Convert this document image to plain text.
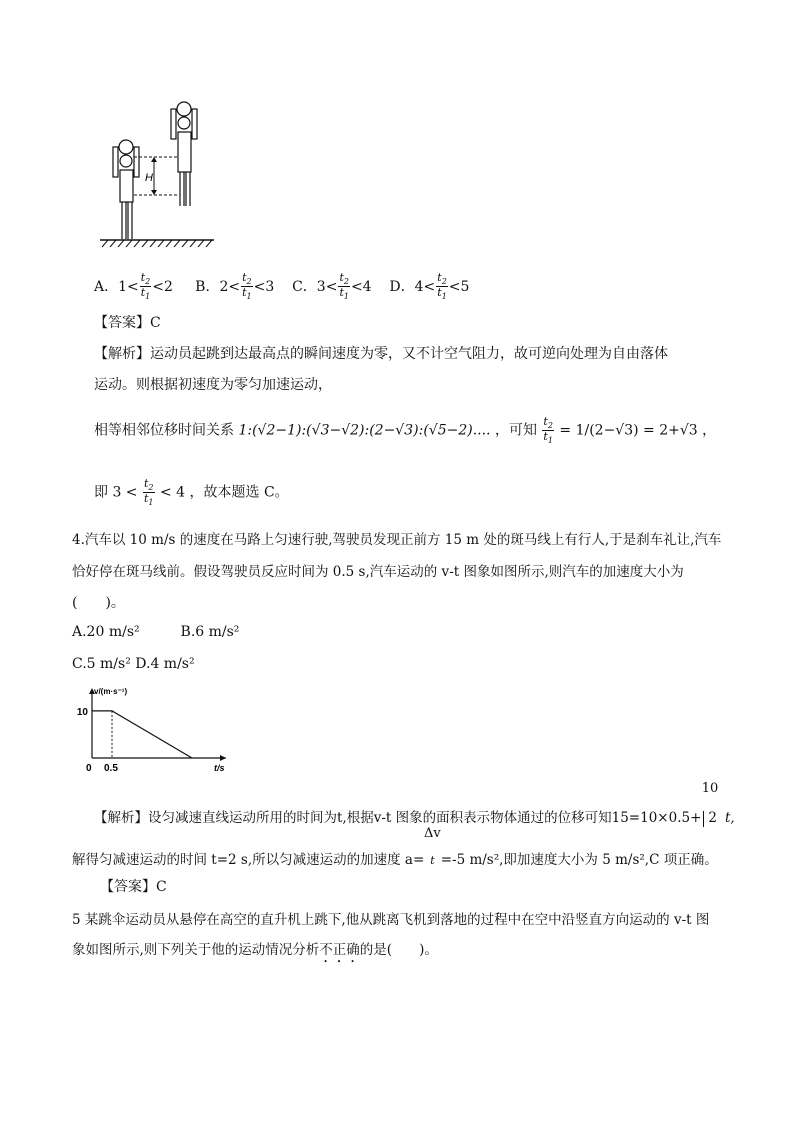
H
A．$1< \frac{t_2}{t_1} <2$ B．$2< \frac{t_2}{t_1} <3$ C．$3< \frac{t_2}{t_1} <4$ D．$4< \frac{t_2}{t_1} <5$
【答案】C
【解析】运动员起跳到达最高点的瞬间速度为零，又不计空气阻力，故可逆向处理为自由落体
运动。则根据初速度为零匀加速运动，
相等相邻位移时间关系 1:(√2−1):(√3−√2):(2−√3):(√5−2).... ，可知 $\frac{t_2}{t_1} = 1/(2-√3) = 2+√3$ ，
即 $3 < \frac{t_2}{t_1} < 4$ ，故本题选 C。
4.汽车以 10 m/s 的速度在马路上匀速行驶,驾驶员发现正前方 15 m 处的斑马线上有行人,于是刹车礼让,汽车
恰好停在斑马线前。假设驾驶员反应时间为 0.5 s,汽车运动的 v-t 图象如图所示,则汽车的加速度大小为
(　　)。
A.20 m/s²	B.6 m/s²
C.5 m/s² D.4 m/s²
v/(m·s⁻¹)
t/s
10
0 0.5
10
【解析】设匀减速直线运动所用的时间为t,根据v-t 图象的面积表示物体通过的位移可知15=10×0.5+ 2 t,
Δv
解得匀减速运动的时间 t=2 s,所以匀减速运动的加速度 a= t =-5 m/s²,即加速度大小为 5 m/s²,C 项正确。
【答案】C
5 某跳伞运动员从悬停在高空的直升机上跳下,他从跳离飞机到落地的过程中在空中沿竖直方向运动的 v-t 图
象如图所示,则下列关于他的运动情况分析不正确的是(　　)。
